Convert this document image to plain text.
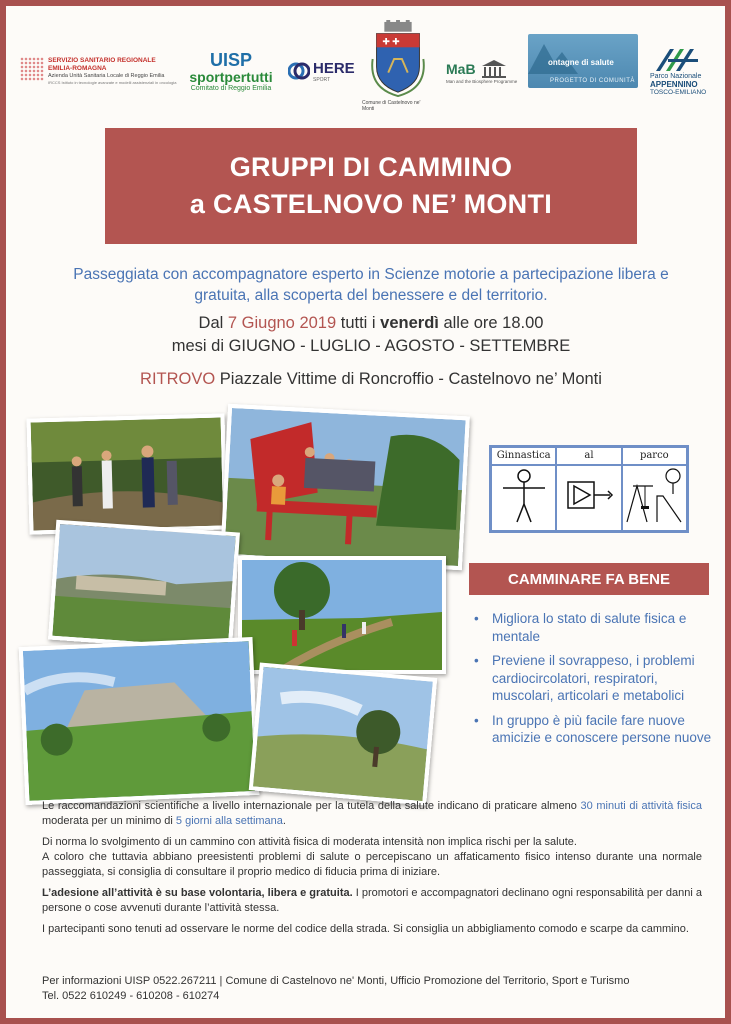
SERVIZIO SANITARIO REGIONALE
EMILIA-ROMAGNA
Azienda Unità Sanitaria Locale di Reggio Emilia
IRCCS Istituto in tecnologie avanzate e modelli assistenziali in oncologia
UISP
sportpertutti
Comitato di Reggio Emilia
HERE
SPORT
✚ ✚
Comune di Castelnovo ne' Monti
MaB
Man and the Biosphere Programme
ontagne di salute
PROGETTO DI COMUNITÀ
Parco Nazionale
APPENNINO
TOSCO-EMILIANO
GRUPPI DI CAMMINO
a CASTELNOVO NE’ MONTI
Passeggiata con accompagnatore esperto in Scienze motorie a partecipazione libera e gratuita, alla scoperta del benessere e del territorio.
Dal 7 Giugno 2019 tutti i venerdì alle ore 18.00
mesi di GIUGNO - LUGLIO - AGOSTO - SETTEMBRE
RITROVO Piazzale Vittime di Roncroffio - Castelnovo ne’ Monti
Ginnastica	al	parco
CAMMINARE FA BENE
• Migliora lo stato di salute fisica e mentale
• Previene il sovrappeso, i problemi cardiocircolatori, respiratori, muscolari, articolari e metabolici
• In gruppo è più facile fare nuove amicizie e conoscere persone nuove

Le raccomandazioni scientifiche a livello internazionale per la tutela della salute indicano di praticare almeno 30 minuti di attività fisica moderata per un minimo di 5 giorni alla settimana.

Di norma lo svolgimento di un cammino con attività fisica di moderata intensità non implica rischi per la salute.

A coloro che tuttavia abbiano preesistenti problemi di salute o percepiscano un affaticamento fisico intenso durante una normale passeggiata, si consiglia di consultare il proprio medico di fiducia prima di iniziare.

L’adesione all’attività è su base volontaria, libera e gratuita. I promotori e accompagnatori declinano ogni responsabilità per danni a persone o cose avvenuti durante l’attività stessa.

I partecipanti sono tenuti ad osservare le norme del codice della strada. Si consiglia un abbigliamento comodo e scarpe da cammino.

Per informazioni UISP 0522.267211 | Comune di Castelnovo ne' Monti, Ufficio Promozione del Territorio, Sport e Turismo
Tel. 0522 610249 - 610208 - 610274
